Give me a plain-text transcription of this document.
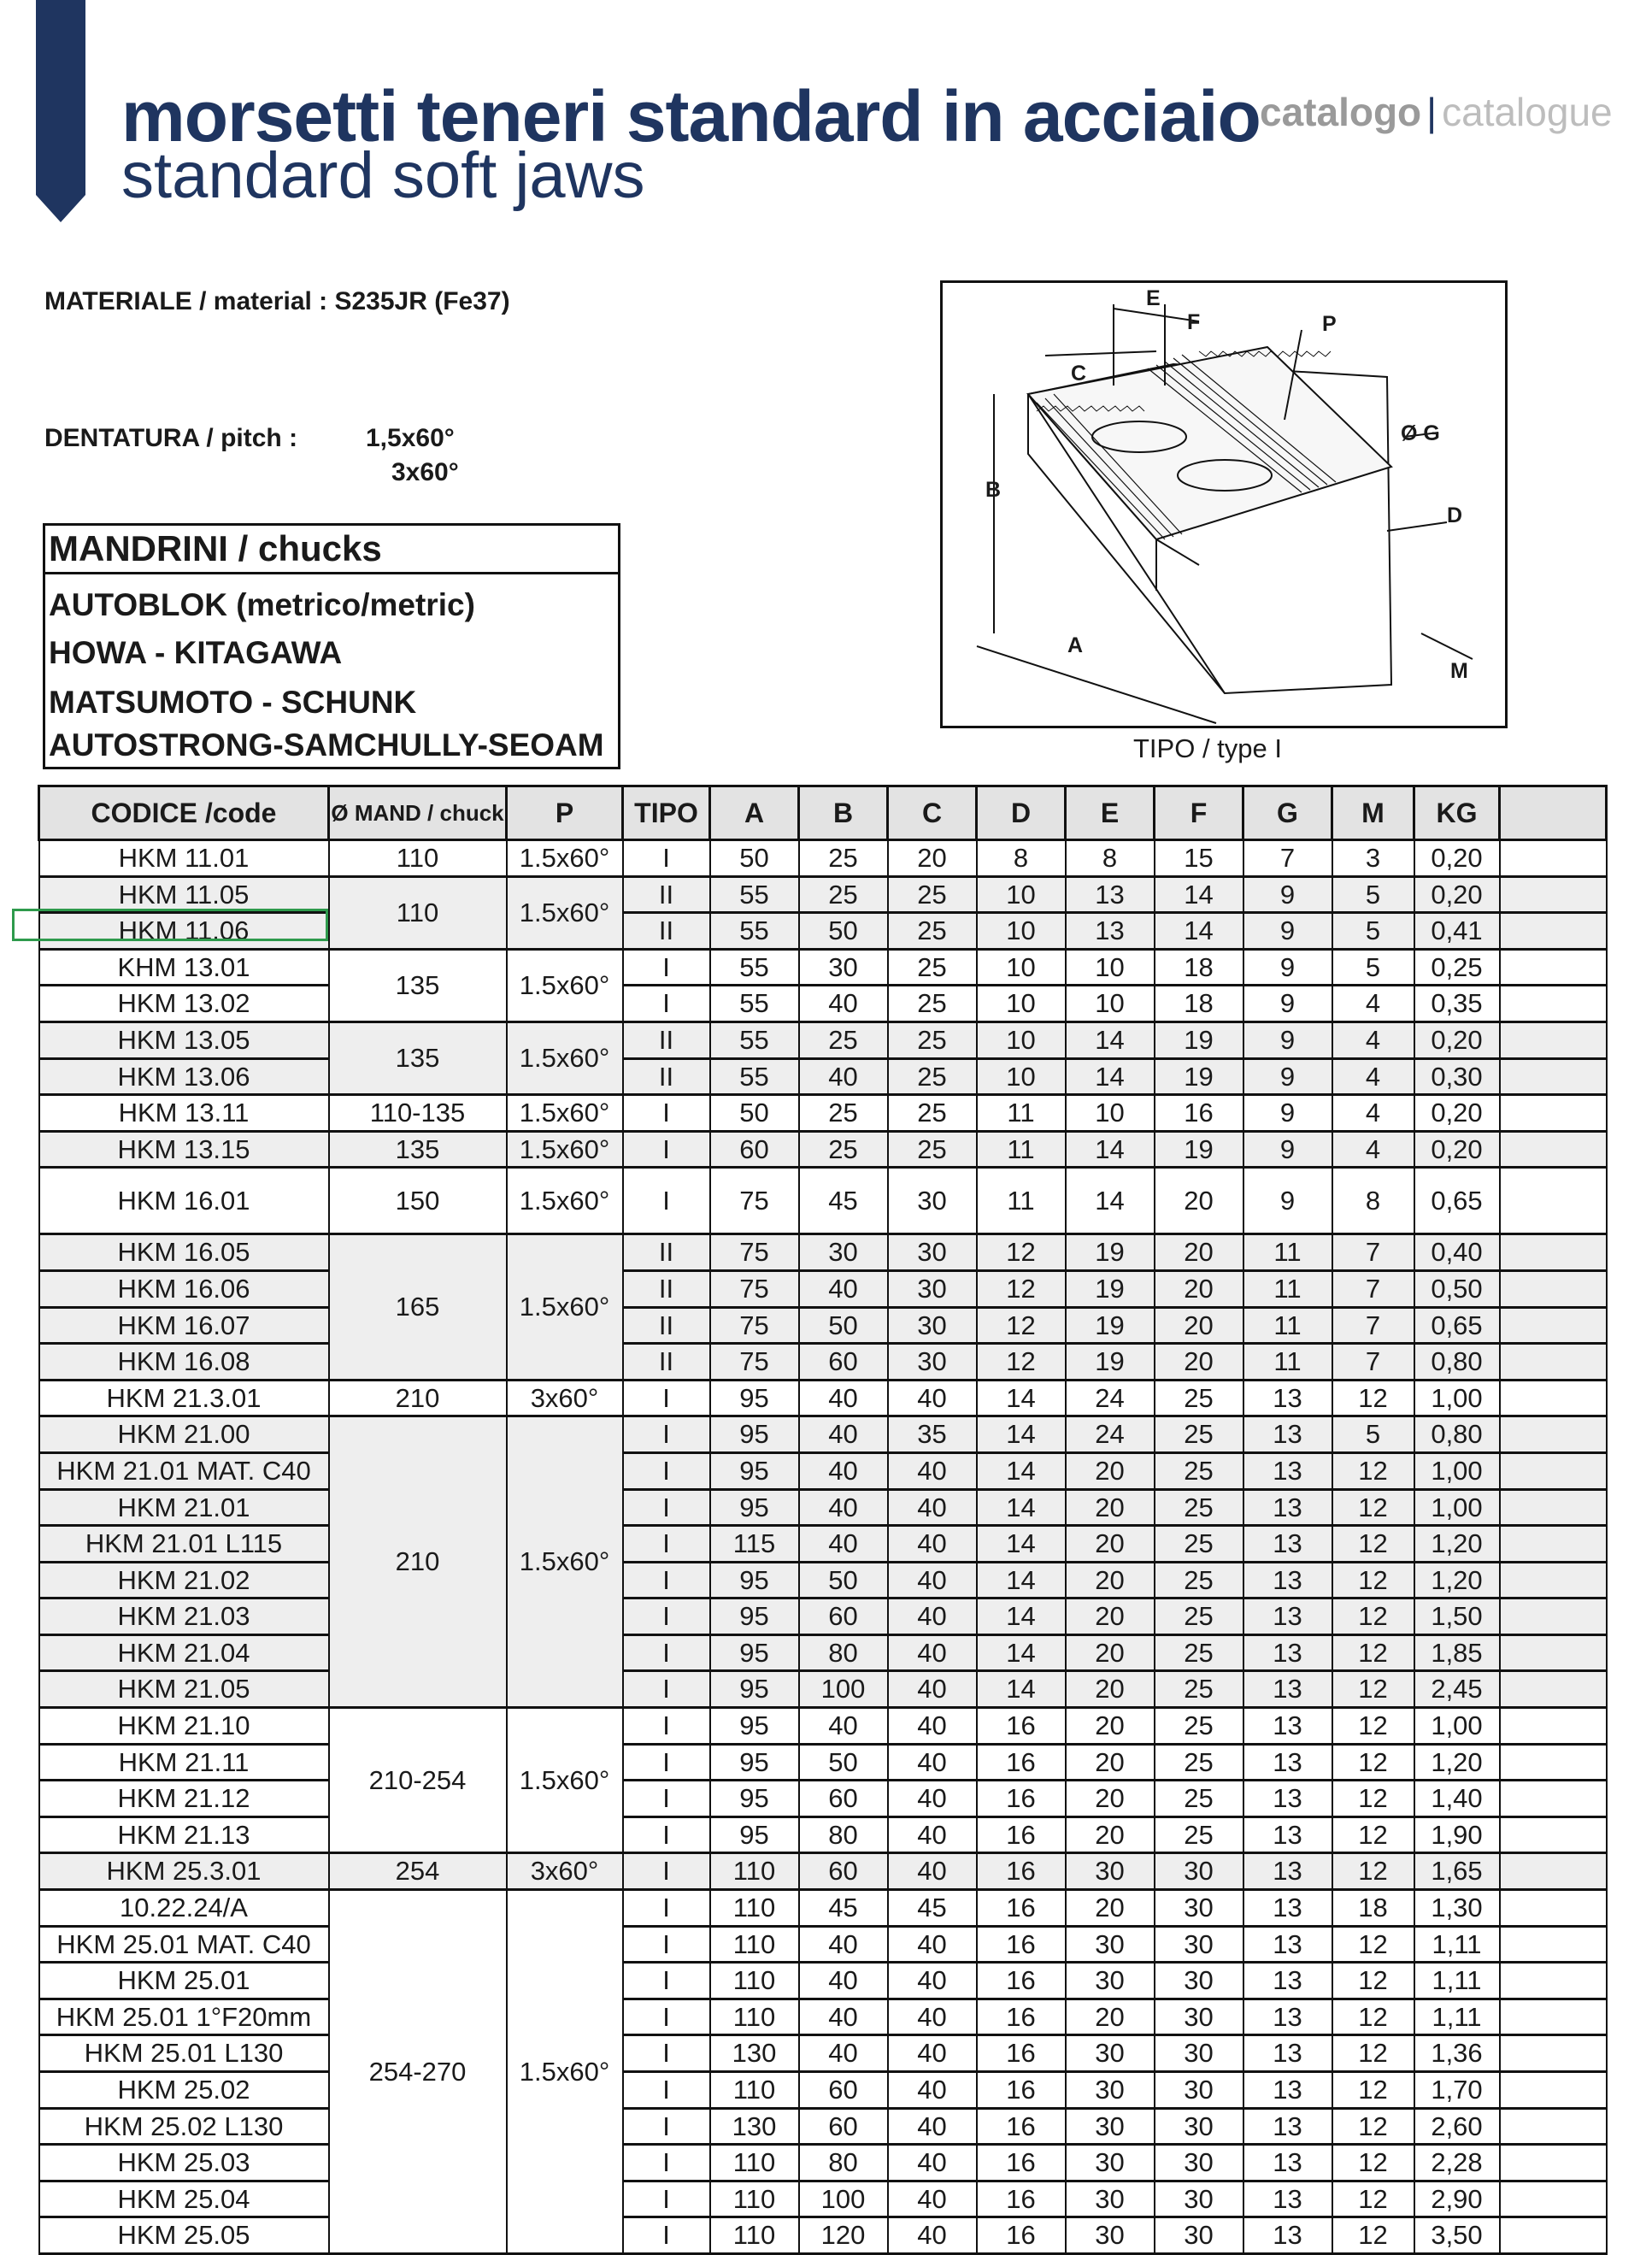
morsetti teneri standard in acciaio
standard soft jaws
catalogo | catalogue
MATERIALE / material : S235JR (Fe37)
DENTATURA / pitch :	1,5x60°
3x60°
MANDRINI / chucks
AUTOBLOK (metrico/metric)
HOWA - KITAGAWA
MATSUMOTO - SCHUNK
AUTOSTRONG-SAMCHULLY-SEOAM
E
F	P
C
Ø G
B
D
A
M
TIPO / type I
CODICE /code	Ø MAND / chuck	P	TIPO	A	B	C	D	E	F	G	M	KG	
HKM 11.01	110	1.5x60°	I	50	25	20	8	8	15	7	3	0,20	
HKM 11.05	110	1.5x60°	II	55	25	25	10	13	14	9	5	0,20	
HKM 11.06			II	55	50	25	10	13	14	9	5	0,41	
KHM 13.01	135	1.5x60°	I	55	30	25	10	10	18	9	5	0,25	
HKM 13.02			I	55	40	25	10	10	18	9	4	0,35	
HKM 13.05	135	1.5x60°	II	55	25	25	10	14	19	9	4	0,20	
HKM 13.06			II	55	40	25	10	14	19	9	4	0,30	
HKM 13.11	110-135	1.5x60°	I	50	25	25	11	10	16	9	4	0,20	
HKM 13.15	135	1.5x60°	I	60	25	25	11	14	19	9	4	0,20	
HKM 16.01	150	1.5x60°	I	75	45	30	11	14	20	9	8	0,65	
HKM 16.05	165	1.5x60°	II	75	30	30	12	19	20	11	7	0,40	
HKM 16.06			II	75	40	30	12	19	20	11	7	0,50	
HKM 16.07			II	75	50	30	12	19	20	11	7	0,65	
HKM 16.08			II	75	60	30	12	19	20	11	7	0,80	
HKM 21.3.01	210	3x60°	I	95	40	40	14	24	25	13	12	1,00	
HKM 21.00	210	1.5x60°	I	95	40	35	14	24	25	13	5	0,80	
HKM 21.01 MAT. C40			I	95	40	40	14	20	25	13	12	1,00	
HKM 21.01			I	95	40	40	14	20	25	13	12	1,00	
HKM 21.01 L115			I	115	40	40	14	20	25	13	12	1,20	
HKM 21.02			I	95	50	40	14	20	25	13	12	1,20	
HKM 21.03			I	95	60	40	14	20	25	13	12	1,50	
HKM 21.04			I	95	80	40	14	20	25	13	12	1,85	
HKM 21.05			I	95	100	40	14	20	25	13	12	2,45	
HKM 21.10	210-254	1.5x60°	I	95	40	40	16	20	25	13	12	1,00	
HKM 21.11			I	95	50	40	16	20	25	13	12	1,20	
HKM 21.12			I	95	60	40	16	20	25	13	12	1,40	
HKM 21.13			I	95	80	40	16	20	25	13	12	1,90	
HKM 25.3.01	254	3x60°	I	110	60	40	16	30	30	13	12	1,65	
10.22.24/A	254-270	1.5x60°	I	110	45	45	16	20	30	13	18	1,30	
HKM 25.01 MAT. C40			I	110	40	40	16	30	30	13	12	1,11	
HKM 25.01			I	110	40	40	16	30	30	13	12	1,11	
HKM 25.01 1°F20mm			I	110	40	40	16	20	30	13	12	1,11	
HKM 25.01 L130			I	130	40	40	16	30	30	13	12	1,36	
HKM 25.02			I	110	60	40	16	30	30	13	12	1,70	
HKM 25.02 L130			I	130	60	40	16	30	30	13	12	2,60	
HKM 25.03			I	110	80	40	16	30	30	13	12	2,28	
HKM 25.04			I	110	100	40	16	30	30	13	12	2,90	
HKM 25.05			I	110	120	40	16	30	30	13	12	3,50	
